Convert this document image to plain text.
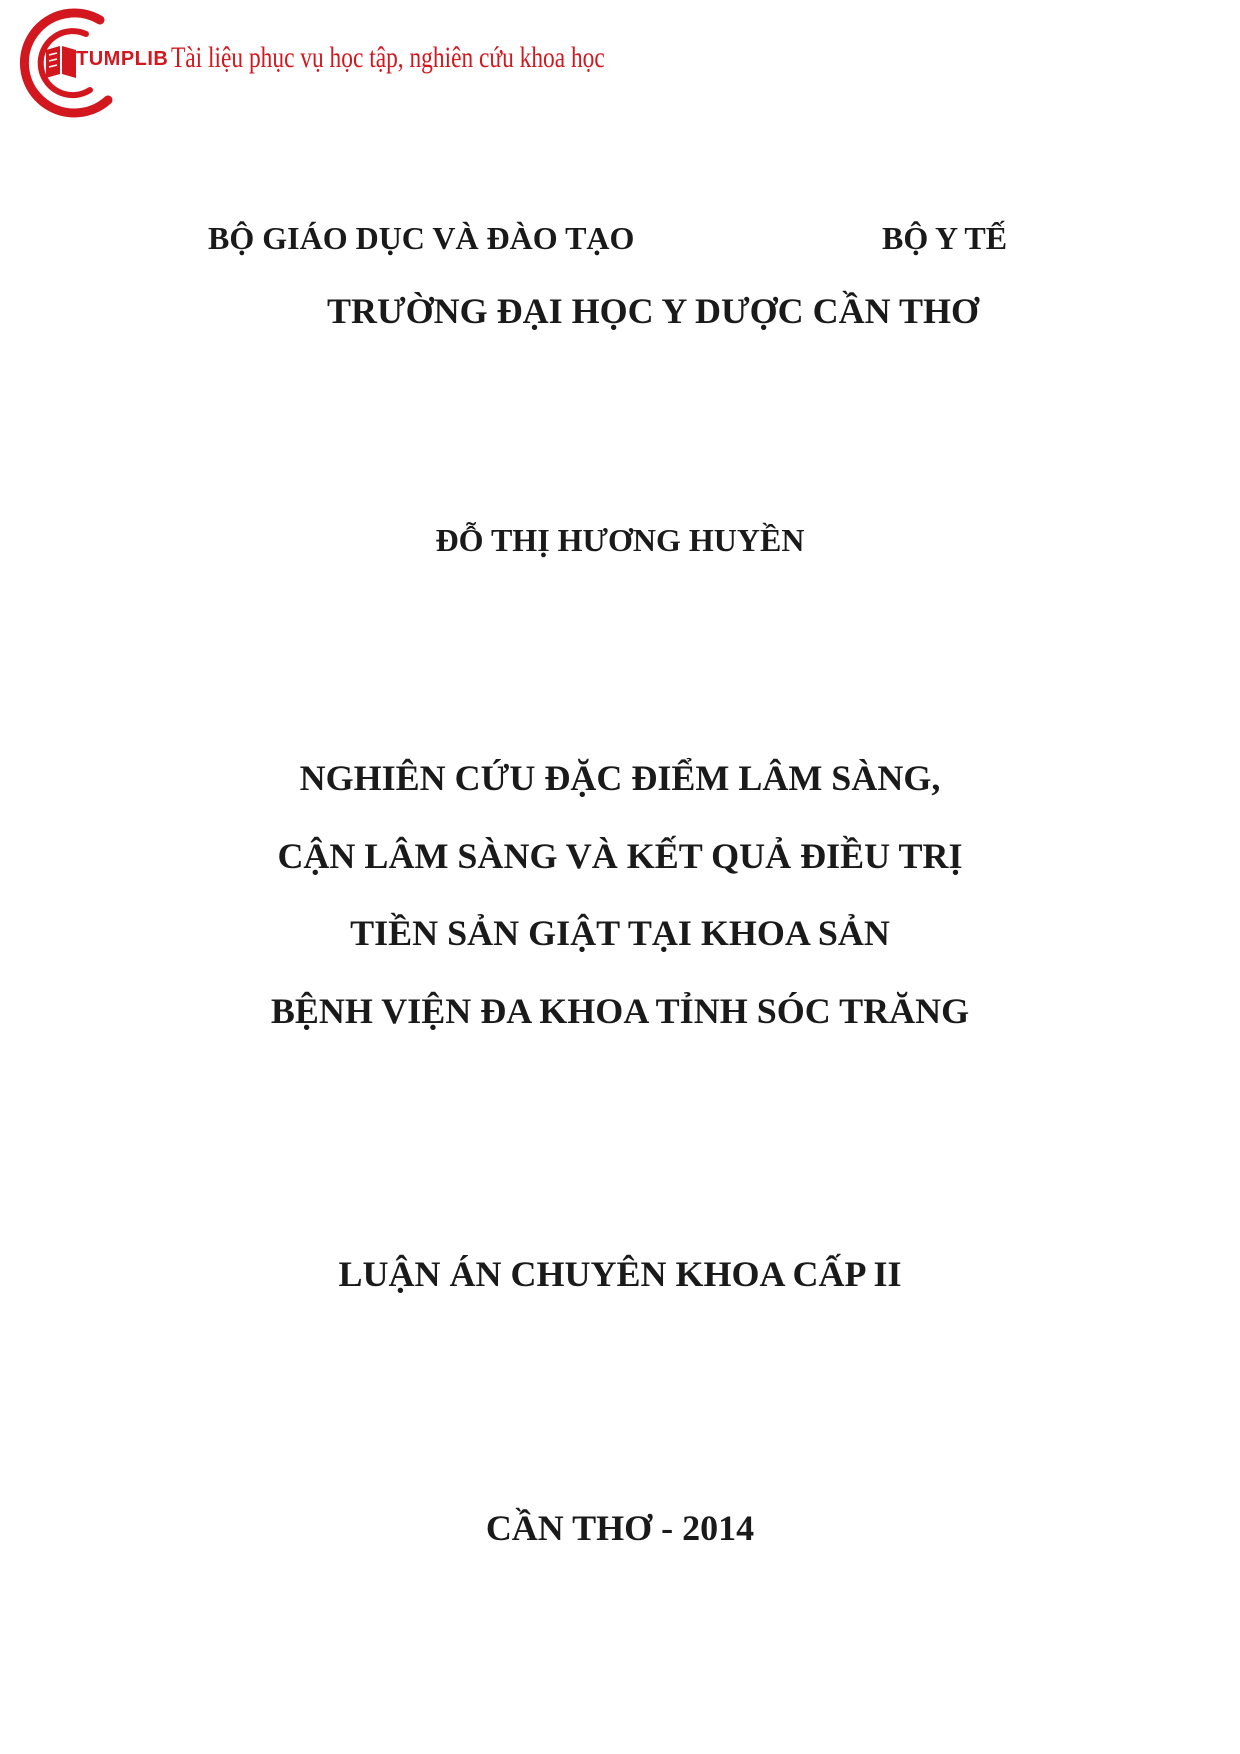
TUMPLIB Tài liệu phục vụ học tập, nghiên cứu khoa học
BỘ GIÁO DỤC VÀ ĐÀO TẠO	BỘ Y TẾ
TRƯỜNG ĐẠI HỌC Y DƯỢC CẦN THƠ
ĐỖ THỊ HƯƠNG HUYỀN
NGHIÊN CỨU ĐẶC ĐIỂM LÂM SÀNG,
CẬN LÂM SÀNG VÀ KẾT QUẢ ĐIỀU TRỊ
TIỀN SẢN GIẬT TẠI KHOA SẢN
BỆNH VIỆN ĐA KHOA TỈNH SÓC TRĂNG
LUẬN ÁN CHUYÊN KHOA CẤP II
CẦN THƠ - 2014
